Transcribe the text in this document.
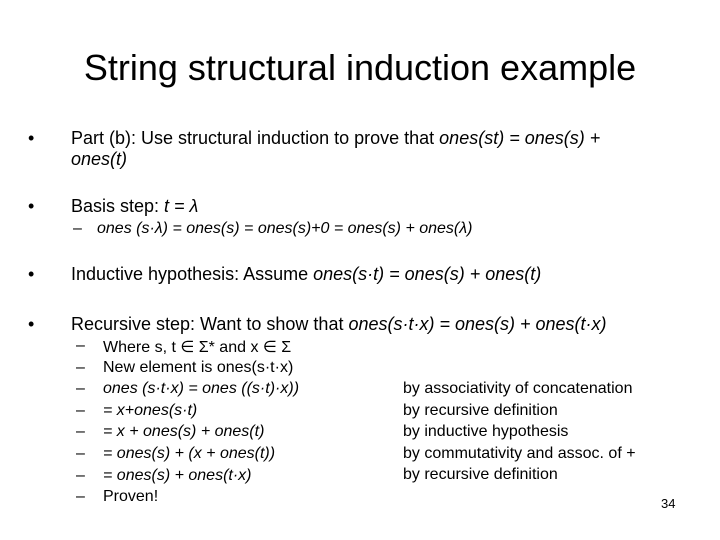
String structural induction example
• Part (b): Use structural induction to prove that ones(st) = ones(s) +
ones(t)
• Basis step: t = λ
– ones (s·λ) = ones(s) = ones(s)+0 = ones(s) + ones(λ)
• Inductive hypothesis: Assume ones(s·t) = ones(s) + ones(t)
• Recursive step: Want to show that ones(s·t·x) = ones(s) + ones(t·x)
– Where s, t ∈ Σ* and x ∈ Σ
– New element is ones(s·t·x)
– ones (s·t·x) = ones ((s·t)·x))
– = x+ones(s·t)
– = x + ones(s) + ones(t)
– = ones(s) + (x + ones(t))
– = ones(s) + ones(t·x)
– Proven!
by associativity of concatenation
by recursive definition
by inductive hypothesis
by commutativity and assoc. of +
by recursive definition
34
